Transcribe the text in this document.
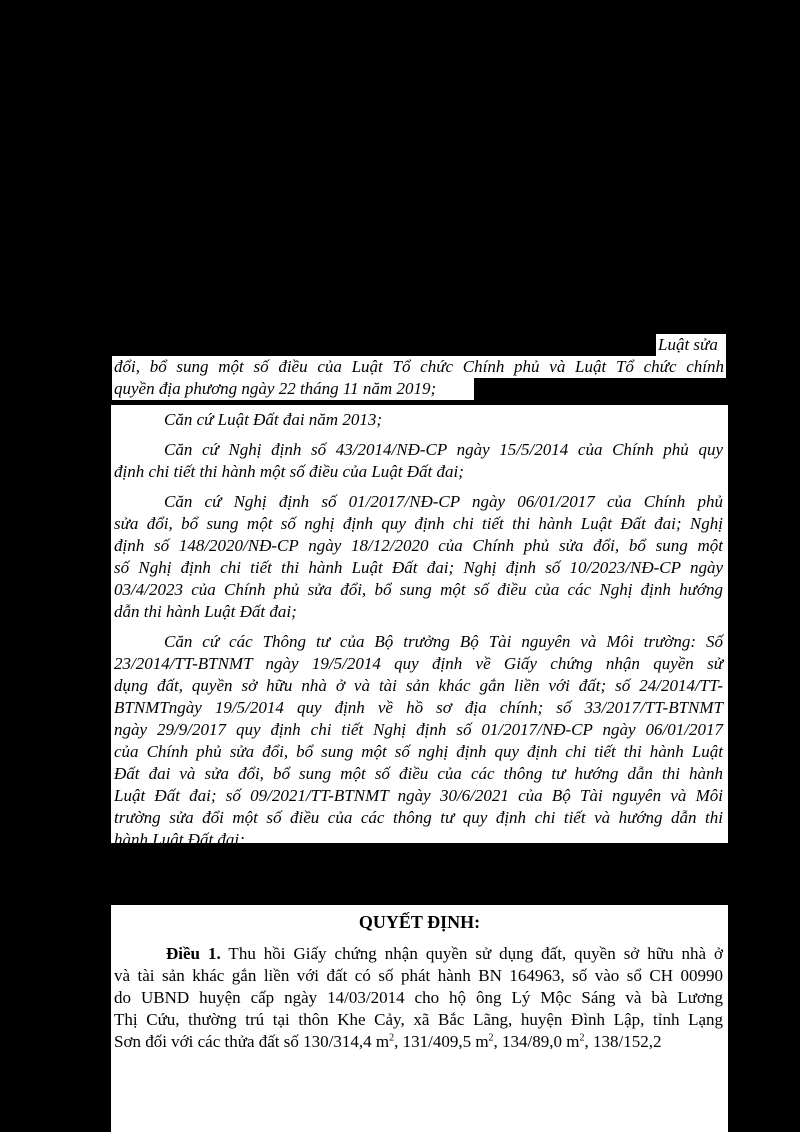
Luật sửa
đổi, bổ sung một số điều của Luật Tổ chức Chính phủ và Luật Tổ chức chính
quyền địa phương ngày 22 tháng 11 năm 2019;
Căn cứ Luật Đất đai năm 2013;
Căn cứ Nghị định số 43/2014/NĐ-CP ngày 15/5/2014 của Chính phủ quy
định chi tiết thi hành một số điều của Luật Đất đai;
Căn cứ Nghị định số 01/2017/NĐ-CP ngày 06/01/2017 của Chính phủ
sửa đổi, bổ sung một số nghị định quy định chi tiết thi hành Luật Đất đai; Nghị
định số 148/2020/NĐ-CP ngày 18/12/2020 của Chính phủ sửa đổi, bổ sung một
số Nghị định chi tiết thi hành Luật Đất đai; Nghị định số 10/2023/NĐ-CP ngày
03/4/2023 của Chính phủ sửa đổi, bổ sung một số điều của các Nghị định hướng
dẫn thi hành Luật Đất đai;
Căn cứ các Thông tư của Bộ trưởng Bộ Tài nguyên và Môi trường: Số
23/2014/TT-BTNMT ngày 19/5/2014 quy định về Giấy chứng nhận quyền sử
dụng đất, quyền sở hữu nhà ở và tài sản khác gắn liền với đất; số 24/2014/TT-
BTNMTngày 19/5/2014 quy định về hồ sơ địa chính; số 33/2017/TT-BTNMT
ngày 29/9/2017 quy định chi tiết Nghị định số 01/2017/NĐ-CP ngày 06/01/2017
của Chính phủ sửa đổi, bổ sung một số nghị định quy định chi tiết thi hành Luật
Đất đai và sửa đổi, bổ sung một số điều của các thông tư hướng dẫn thi hành
Luật Đất đai; số 09/2021/TT-BTNMT ngày 30/6/2021 của Bộ Tài nguyên và Môi
trường sửa đổi một số điều của các thông tư quy định chi tiết và hướng dẫn thi
hành Luật Đất đai;
QUYẾT ĐỊNH:
Điều 1. Thu hồi Giấy chứng nhận quyền sử dụng đất, quyền sở hữu nhà ở
và tài sản khác gắn liền với đất có số phát hành BN 164963, số vào sổ CH 00990
do UBND huyện cấp ngày 14/03/2014 cho hộ ông Lý Mộc Sáng và bà Lương
Thị Cứu, thường trú tại thôn Khe Cảy, xã Bắc Lãng, huyện Đình Lập, tỉnh Lạng
Sơn đối với các thửa đất số 130/314,4 $m^2$, 131/409,5 $m^2$, 134/89,0 $m^2$, 138/152,2
